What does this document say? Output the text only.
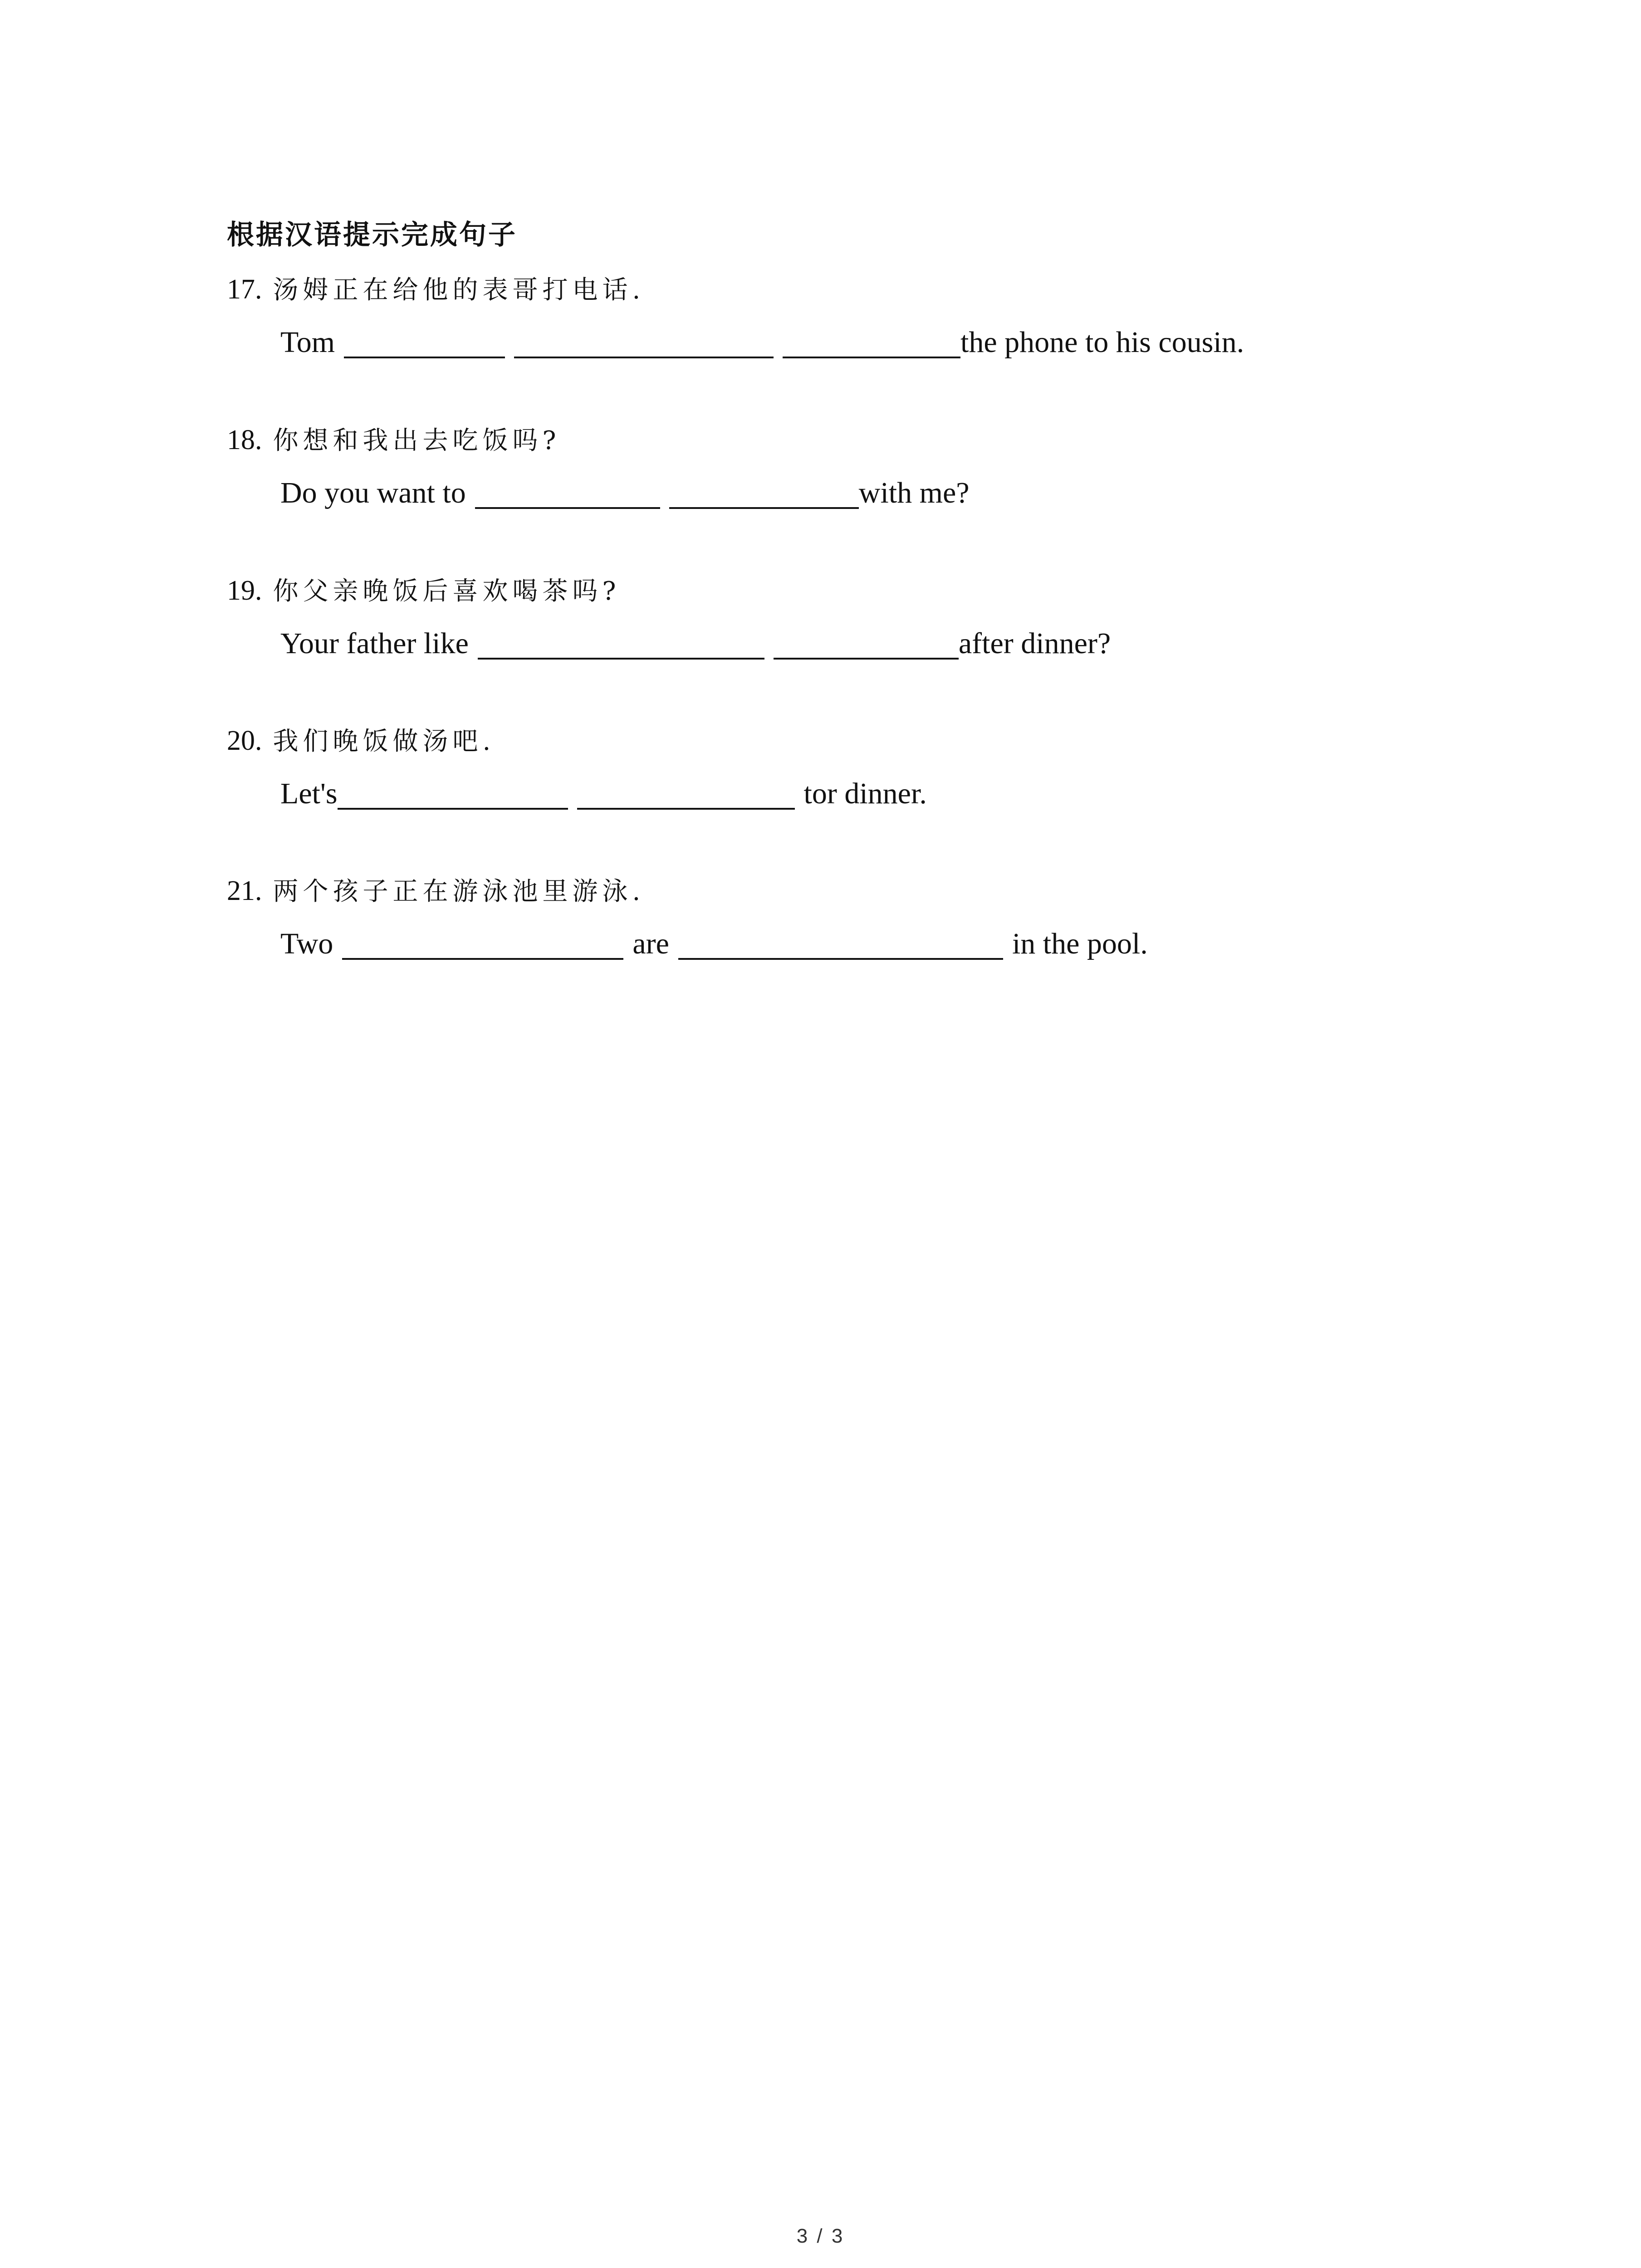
根据汉语提示完成句子
17. 汤姆正在给他的表哥打电话.
Tom	the phone to his cousin.
18. 你想和我出去吃饭吗?
Do you want to	with me?
19. 你父亲晚饭后喜欢喝茶吗?
Your father like	after dinner?
20. 我们晚饭做汤吧.
Let's	tor dinner.
21. 两个孩子正在游泳池里游泳.
Two	are	in the pool.
3 / 3
